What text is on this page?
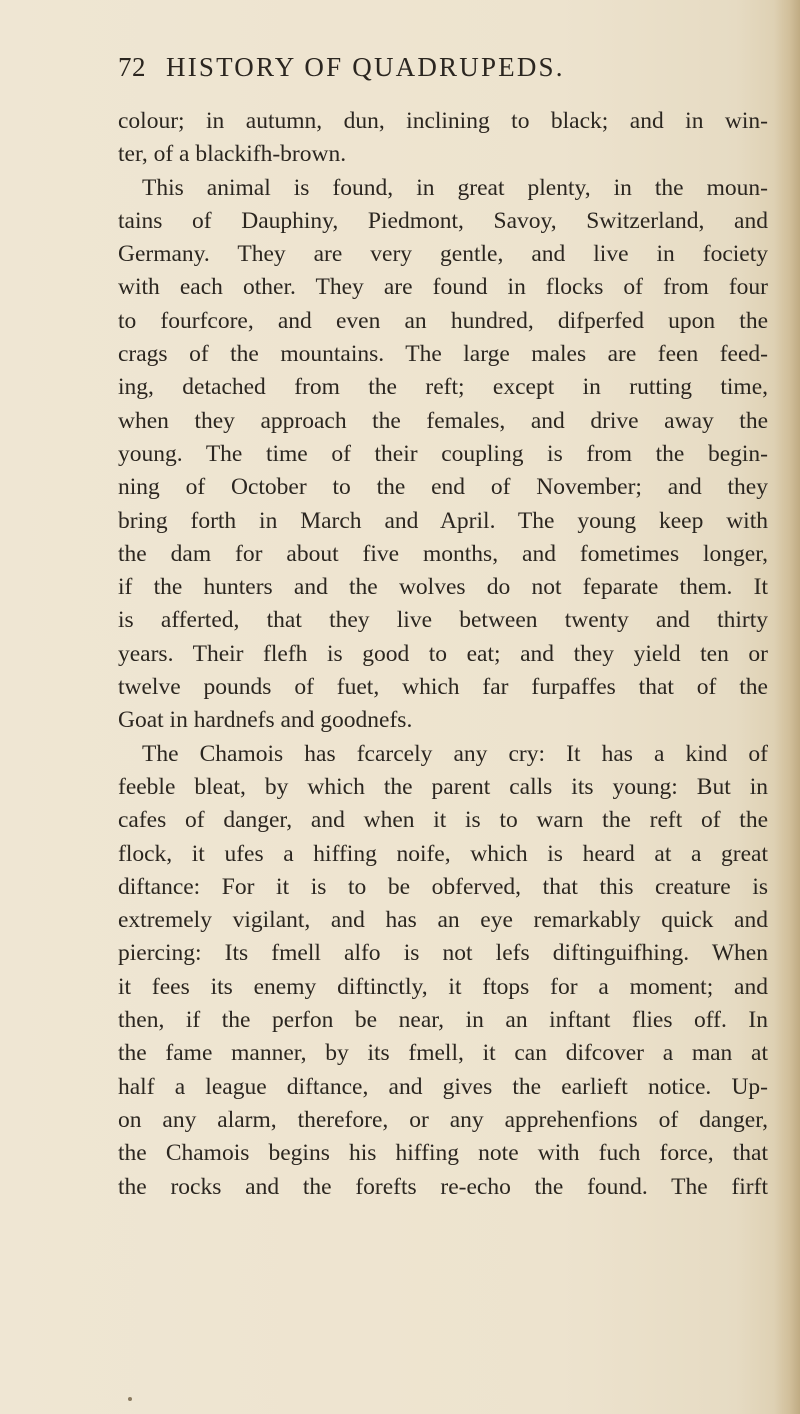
72 HISTORY OF QUADRUPEDS.
colour; in autumn, dun, inclining to black; and in win-
ter, of a blackifh-brown.
This animal is found, in great plenty, in the moun-
tains of Dauphiny, Piedmont, Savoy, Switzerland, and
Germany. They are very gentle, and live in fociety
with each other. They are found in flocks of from four
to fourfcore, and even an hundred, difperfed upon the
crags of the mountains. The large males are feen feed-
ing, detached from the reft; except in rutting time,
when they approach the females, and drive away the
young. The time of their coupling is from the begin-
ning of October to the end of November; and they
bring forth in March and April. The young keep with
the dam for about five months, and fometimes longer,
if the hunters and the wolves do not feparate them. It
is afferted, that they live between twenty and thirty
years. Their flefh is good to eat; and they yield ten or
twelve pounds of fuet, which far furpaffes that of the
Goat in hardnefs and goodnefs.
The Chamois has fcarcely any cry: It has a kind of
feeble bleat, by which the parent calls its young: But in
cafes of danger, and when it is to warn the reft of the
flock, it ufes a hiffing noife, which is heard at a great
diftance: For it is to be obferved, that this creature is
extremely vigilant, and has an eye remarkably quick and
piercing: Its fmell alfo is not lefs diftinguifhing. When
it fees its enemy diftinctly, it ftops for a moment; and
then, if the perfon be near, in an inftant flies off. In
the fame manner, by its fmell, it can difcover a man at
half a league diftance, and gives the earlieft notice. Up-
on any alarm, therefore, or any apprehenfions of danger,
the Chamois begins his hiffing note with fuch force, that
the rocks and the forefts re-echo the found. The firft
